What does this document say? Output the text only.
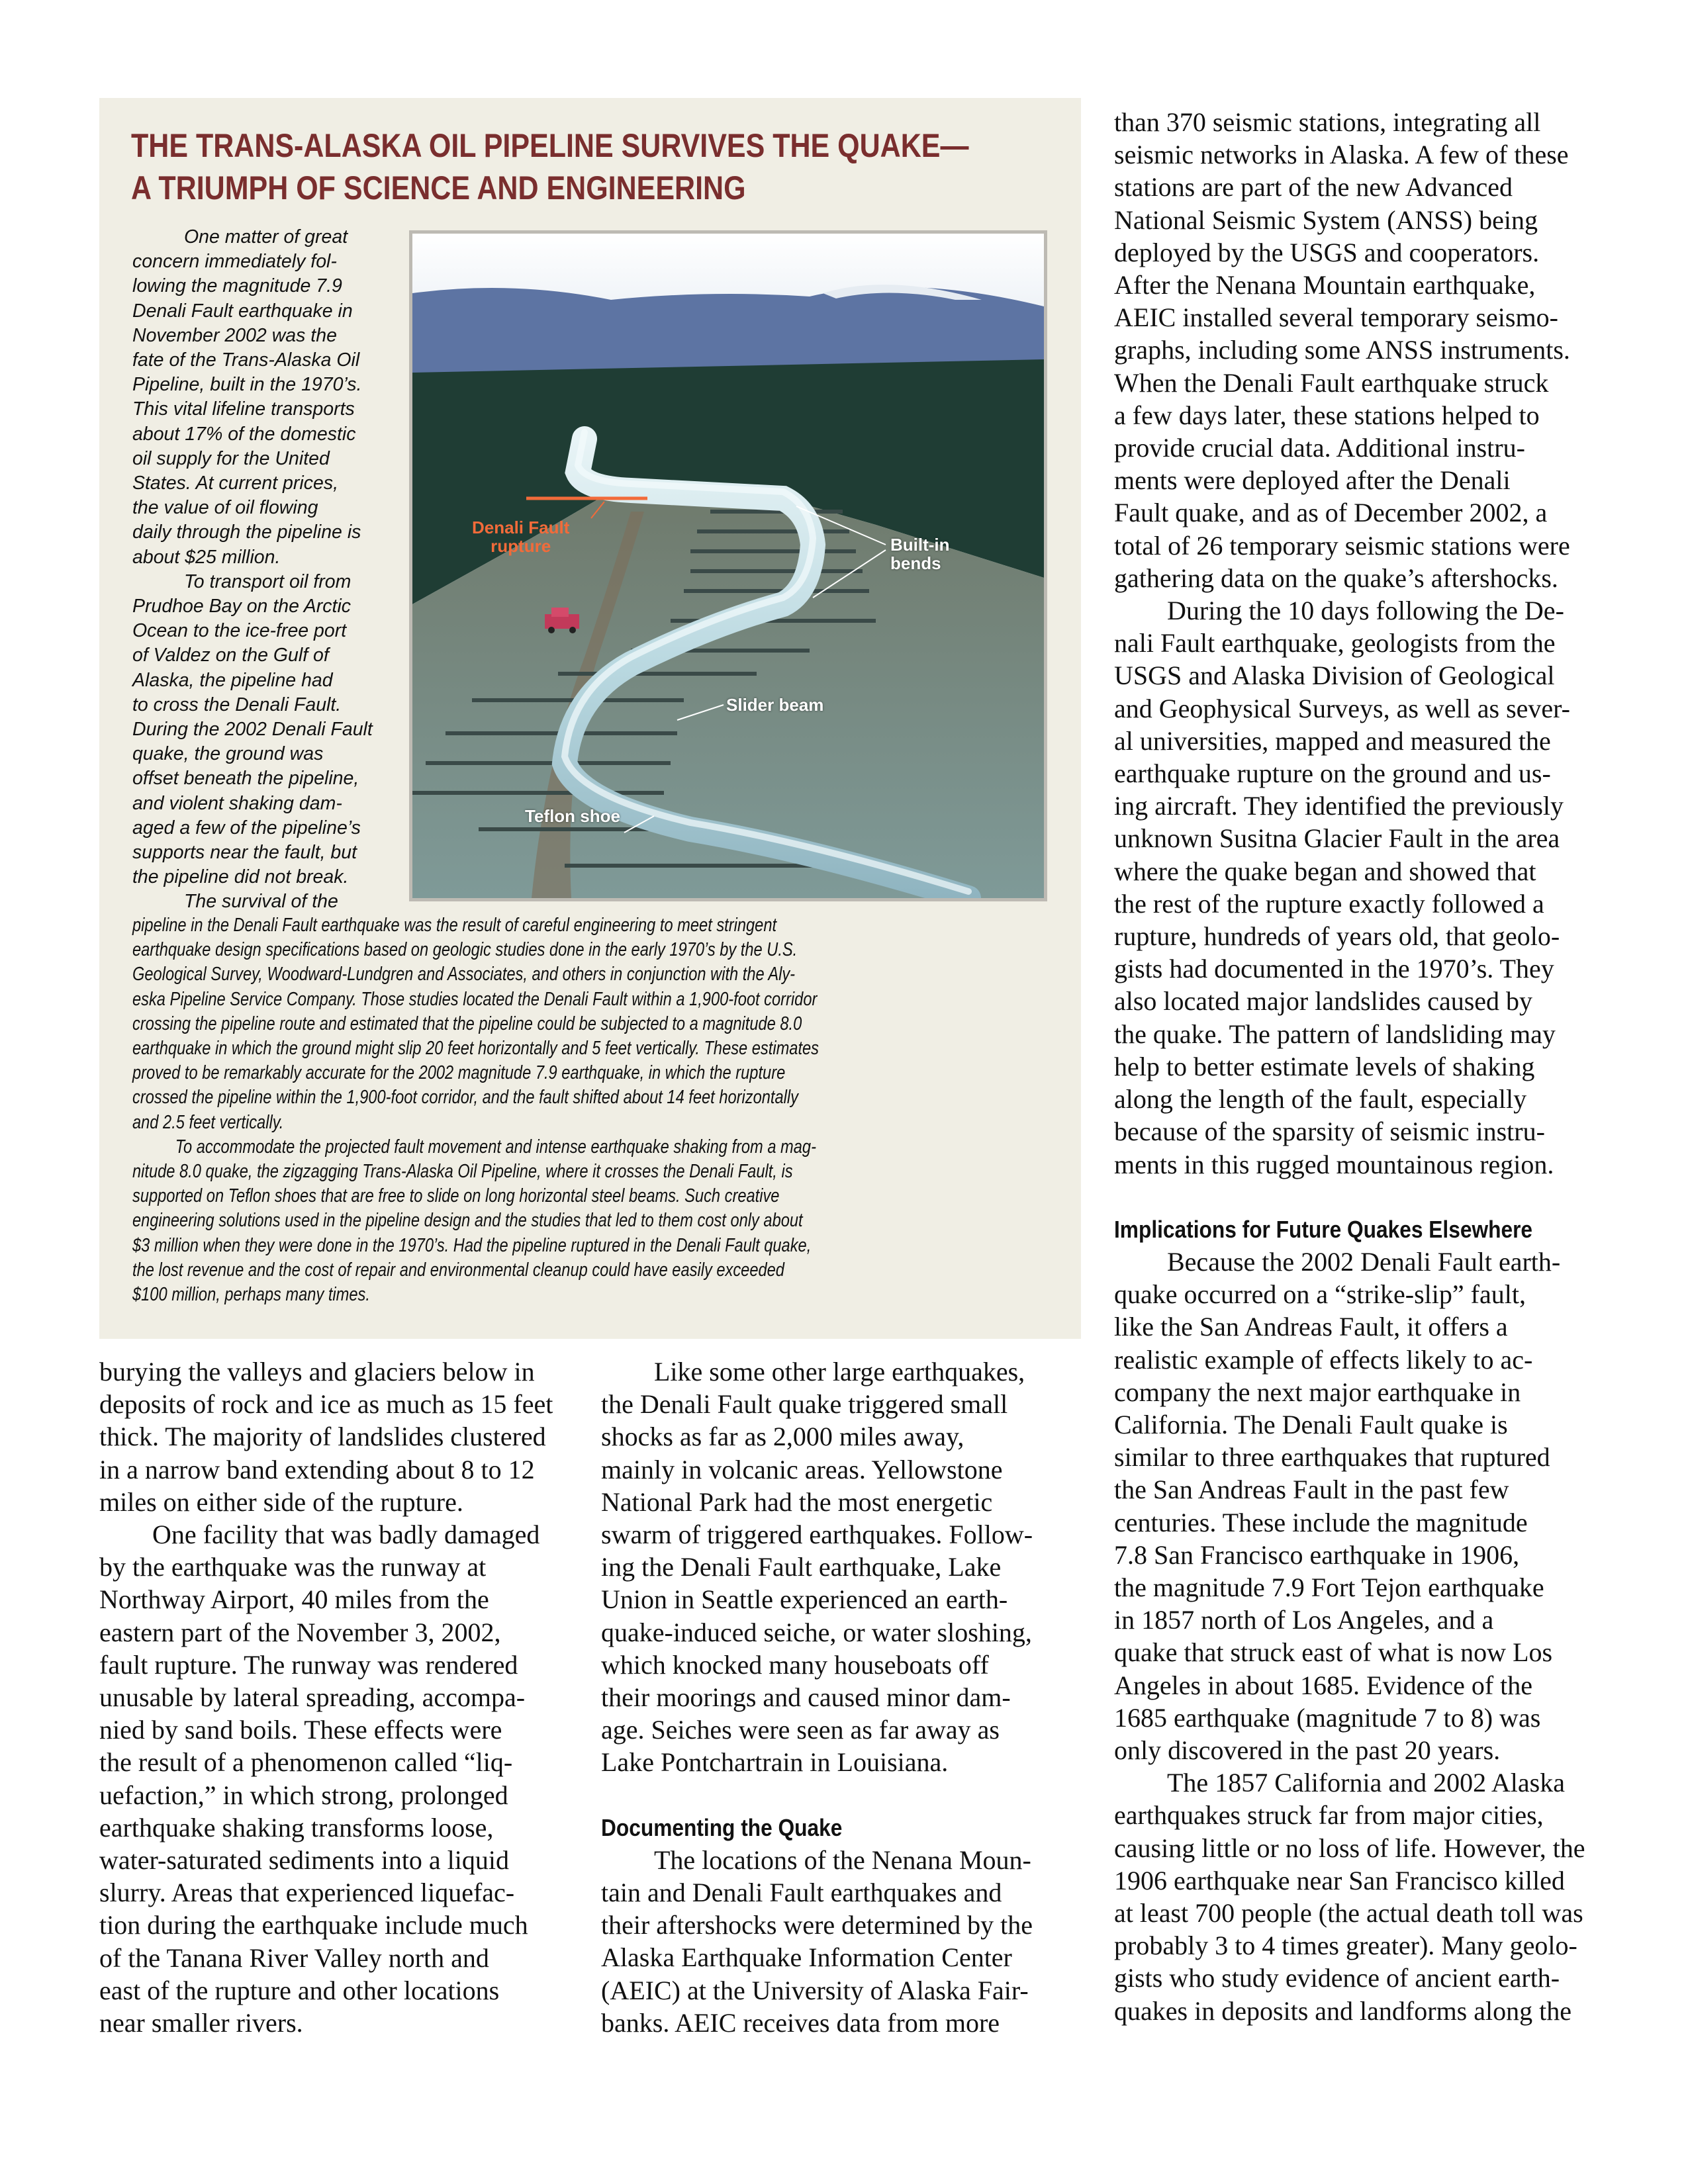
THE TRANS-ALASKA OIL PIPELINE SURVIVES THE QUAKE—
A TRIUMPH OF SCIENCE AND ENGINEERING
One matter of great
concern immediately fol-
lowing the magnitude 7.9
Denali Fault earthquake in
November 2002 was the
fate of the Trans-Alaska Oil
Pipeline, built in the 1970’s.
This vital lifeline transports
about 17% of the domestic
oil supply for the United
States. At current prices,
the value of oil flowing
daily through the pipeline is
about $25 million.
To transport oil from
Prudhoe Bay on the Arctic
Ocean to the ice-free port
of Valdez on the Gulf of
Alaska, the pipeline had
to cross the Denali Fault.
During the 2002 Denali Fault
quake, the ground was
offset beneath the pipeline,
and violent shaking dam-
aged a few of the pipeline’s
supports near the fault, but
the pipeline did not break.
The survival of the
Denali Fault
rupture	Built-in
bends
Slider beam
Teflon shoe
pipeline in the Denali Fault earthquake was the result of careful engineering to meet stringent
earthquake design specifications based on geologic studies done in the early 1970’s by the U.S.
Geological Survey, Woodward-Lundgren and Associates, and others in conjunction with the Aly-
eska Pipeline Service Company. Those studies located the Denali Fault within a 1,900-foot corridor
crossing the pipeline route and estimated that the pipeline could be subjected to a magnitude 8.0
earthquake in which the ground might slip 20 feet horizontally and 5 feet vertically. These estimates
proved to be remarkably accurate for the 2002 magnitude 7.9 earthquake, in which the rupture
crossed the pipeline within the 1,900-foot corridor, and the fault shifted about 14 feet horizontally
and 2.5 feet vertically.
To accommodate the projected fault movement and intense earthquake shaking from a mag-
nitude 8.0 quake, the zigzagging Trans-Alaska Oil Pipeline, where it crosses the Denali Fault, is
supported on Teflon shoes that are free to slide on long horizontal steel beams. Such creative
engineering solutions used in the pipeline design and the studies that led to them cost only about
$3 million when they were done in the 1970’s. Had the pipeline ruptured in the Denali Fault quake,
the lost revenue and the cost of repair and environmental cleanup could have easily exceeded
$100 million, perhaps many times.
burying the valleys and glaciers below in
deposits of rock and ice as much as 15 feet
thick. The majority of landslides clustered
in a narrow band extending about 8 to 12
miles on either side of the rupture.
One facility that was badly damaged
by the earthquake was the runway at
Northway Airport, 40 miles from the
eastern part of the November 3, 2002,
fault rupture. The runway was rendered
unusable by lateral spreading, accompa-
nied by sand boils. These effects were
the result of a phenomenon called “liq-
uefaction,” in which strong, prolonged
earthquake shaking transforms loose,
water-saturated sediments into a liquid
slurry. Areas that experienced liquefac-
tion during the earthquake include much
of the Tanana River Valley north and
east of the rupture and other locations
near smaller rivers.
Like some other large earthquakes,
the Denali Fault quake triggered small
shocks as far as 2,000 miles away,
mainly in volcanic areas. Yellowstone
National Park had the most energetic
swarm of triggered earthquakes. Follow-
ing the Denali Fault earthquake, Lake
Union in Seattle experienced an earth-
quake-induced seiche, or water sloshing,
which knocked many houseboats off
their moorings and caused minor dam-
age. Seiches were seen as far away as
Lake Pontchartrain in Louisiana.
Documenting the Quake
The locations of the Nenana Moun-
tain and Denali Fault earthquakes and
their aftershocks were determined by the
Alaska Earthquake Information Center
(AEIC) at the University of Alaska Fair-
banks. AEIC receives data from more
than 370 seismic stations, integrating all
seismic networks in Alaska. A few of these
stations are part of the new Advanced
National Seismic System (ANSS) being
deployed by the USGS and cooperators.
After the Nenana Mountain earthquake,
AEIC installed several temporary seismo-
graphs, including some ANSS instruments.
When the Denali Fault earthquake struck
a few days later, these stations helped to
provide crucial data. Additional instru-
ments were deployed after the Denali
Fault quake, and as of December 2002, a
total of 26 temporary seismic stations were
gathering data on the quake’s aftershocks.
During the 10 days following the De-
nali Fault earthquake, geologists from the
USGS and Alaska Division of Geological
and Geophysical Surveys, as well as sever-
al universities, mapped and measured the
earthquake rupture on the ground and us-
ing aircraft. They identified the previously
unknown Susitna Glacier Fault in the area
where the quake began and showed that
the rest of the rupture exactly followed a
rupture, hundreds of years old, that geolo-
gists had documented in the 1970’s. They
also located major landslides caused by
the quake. The pattern of landsliding may
help to better estimate levels of shaking
along the length of the fault, especially
because of the sparsity of seismic instru-
ments in this rugged mountainous region.
Implications for Future Quakes Elsewhere
Because the 2002 Denali Fault earth-
quake occurred on a “strike-slip” fault,
like the San Andreas Fault, it offers a
realistic example of effects likely to ac-
company the next major earthquake in
California. The Denali Fault quake is
similar to three earthquakes that ruptured
the San Andreas Fault in the past few
centuries. These include the magnitude
7.8 San Francisco earthquake in 1906,
the magnitude 7.9 Fort Tejon earthquake
in 1857 north of Los Angeles, and a
quake that struck east of what is now Los
Angeles in about 1685. Evidence of the
1685 earthquake (magnitude 7 to 8) was
only discovered in the past 20 years.
The 1857 California and 2002 Alaska
earthquakes struck far from major cities,
causing little or no loss of life. However, the
1906 earthquake near San Francisco killed
at least 700 people (the actual death toll was
probably 3 to 4 times greater). Many geolo-
gists who study evidence of ancient earth-
quakes in deposits and landforms along the
